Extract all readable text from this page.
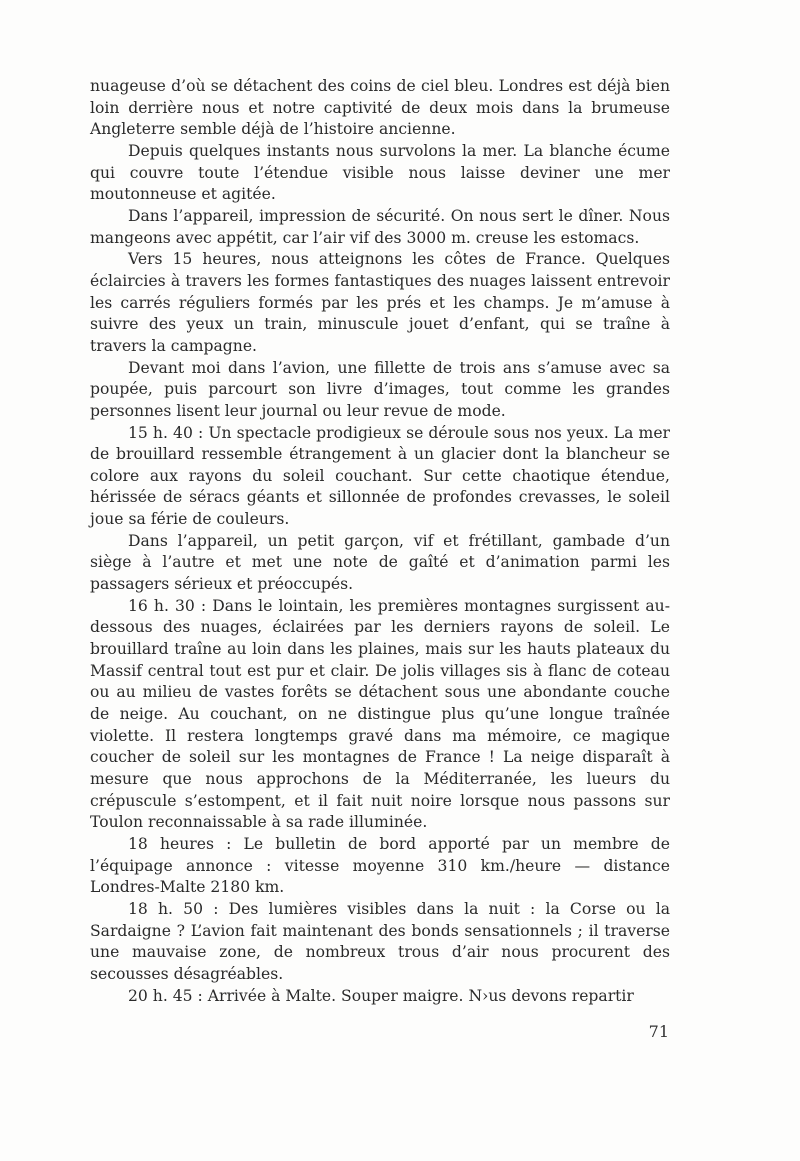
nuageuse d’où se détachent des coins de ciel bleu. Londres est déjà bien loin derrière nous et notre captivité de deux mois dans la brumeuse Angleterre semble déjà de l’histoire ancienne.

Depuis quelques instants nous survolons la mer. La blanche écume qui couvre toute l’étendue visible nous laisse deviner une mer moutonneuse et agitée.

Dans l’appareil, impression de sécurité. On nous sert le dîner. Nous mangeons avec appétit, car l’air vif des 3000 m. creuse les estomacs.

Vers 15 heures, nous atteignons les côtes de France. Quelques éclaircies à travers les formes fantastiques des nuages laissent entrevoir les carrés réguliers formés par les prés et les champs. Je m’amuse à suivre des yeux un train, minuscule jouet d’enfant, qui se traîne à travers la campagne.

Devant moi dans l’avion, une fillette de trois ans s’amuse avec sa poupée, puis parcourt son livre d’images, tout comme les grandes personnes lisent leur journal ou leur revue de mode.

15 h. 40 : Un spectacle prodigieux se déroule sous nos yeux. La mer de brouillard ressemble étrangement à un glacier dont la blancheur se colore aux rayons du soleil couchant. Sur cette chaotique étendue, hérissée de séracs géants et sillonnée de profondes crevasses, le soleil joue sa férie de couleurs.

Dans l’appareil, un petit garçon, vif et frétillant, gambade d’un siège à l’autre et met une note de gaîté et d’animation parmi les passagers sérieux et préoccupés.

16 h. 30 : Dans le lointain, les premières montagnes surgissent au-dessous des nuages, éclairées par les derniers rayons de soleil. Le brouillard traîne au loin dans les plaines, mais sur les hauts plateaux du Massif central tout est pur et clair. De jolis villages sis à flanc de coteau ou au milieu de vastes forêts se détachent sous une abondante couche de neige. Au couchant, on ne distingue plus qu’une longue traînée violette. Il restera longtemps gravé dans ma mémoire, ce magique coucher de soleil sur les montagnes de France ! La neige disparaît à mesure que nous approchons de la Méditerranée, les lueurs du crépuscule s’estompent, et il fait nuit noire lorsque nous passons sur Toulon reconnaissable à sa rade illuminée.

18 heures : Le bulletin de bord apporté par un membre de l’équipage annonce : vitesse moyenne 310 km./heure — distance Londres-Malte 2180 km.

18 h. 50 : Des lumières visibles dans la nuit : la Corse ou la Sardaigne ? L’avion fait maintenant des bonds sensationnels ; il traverse une mauvaise zone, de nombreux trous d’air nous procurent des secousses désagréables.

20 h. 45 : Arrivée à Malte. Souper maigre. N›us devons repartir

71
